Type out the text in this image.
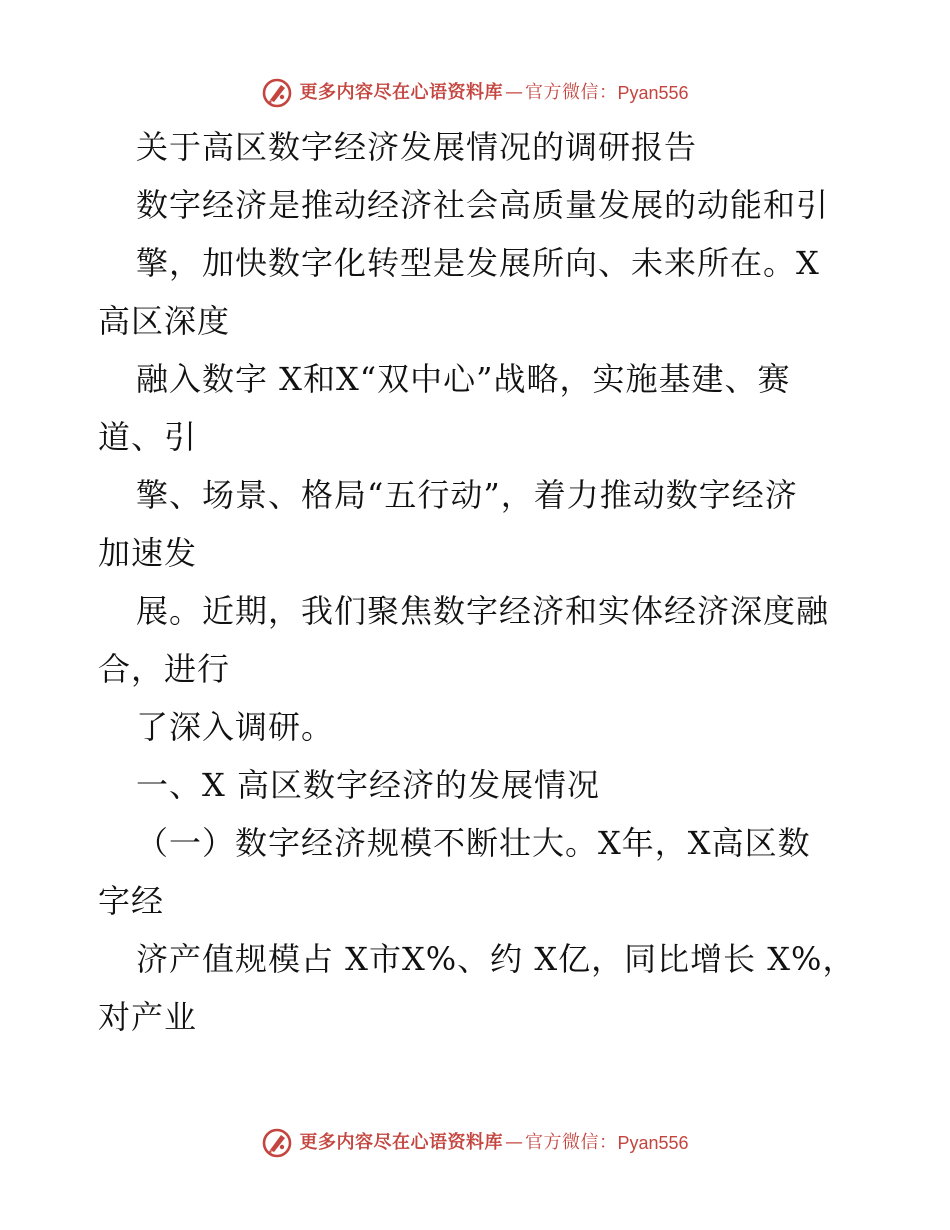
更多内容尽在心语资料库 — 官方微信： Pyan556
关于高区数字经济发展情况的调研报告
数字经济是推动经济社会高质量发展的动能和引
擎，加快数字化转型是发展所向、未来所在。X
高区深度
融入数字 X和X“双中心”战略，实施基建、赛
道、引
擎、场景、格局“五行动”，着力推动数字经济
加速发
展。近期，我们聚焦数字经济和实体经济深度融
合，进行
了深入调研。
一、X 高区数字经济的发展情况
（一）数字经济规模不断壮大。X年，X高区数
字经
济产值规模占 X市X%、约 X亿，同比增长 X%，
对产业
更多内容尽在心语资料库 — 官方微信： Pyan556
